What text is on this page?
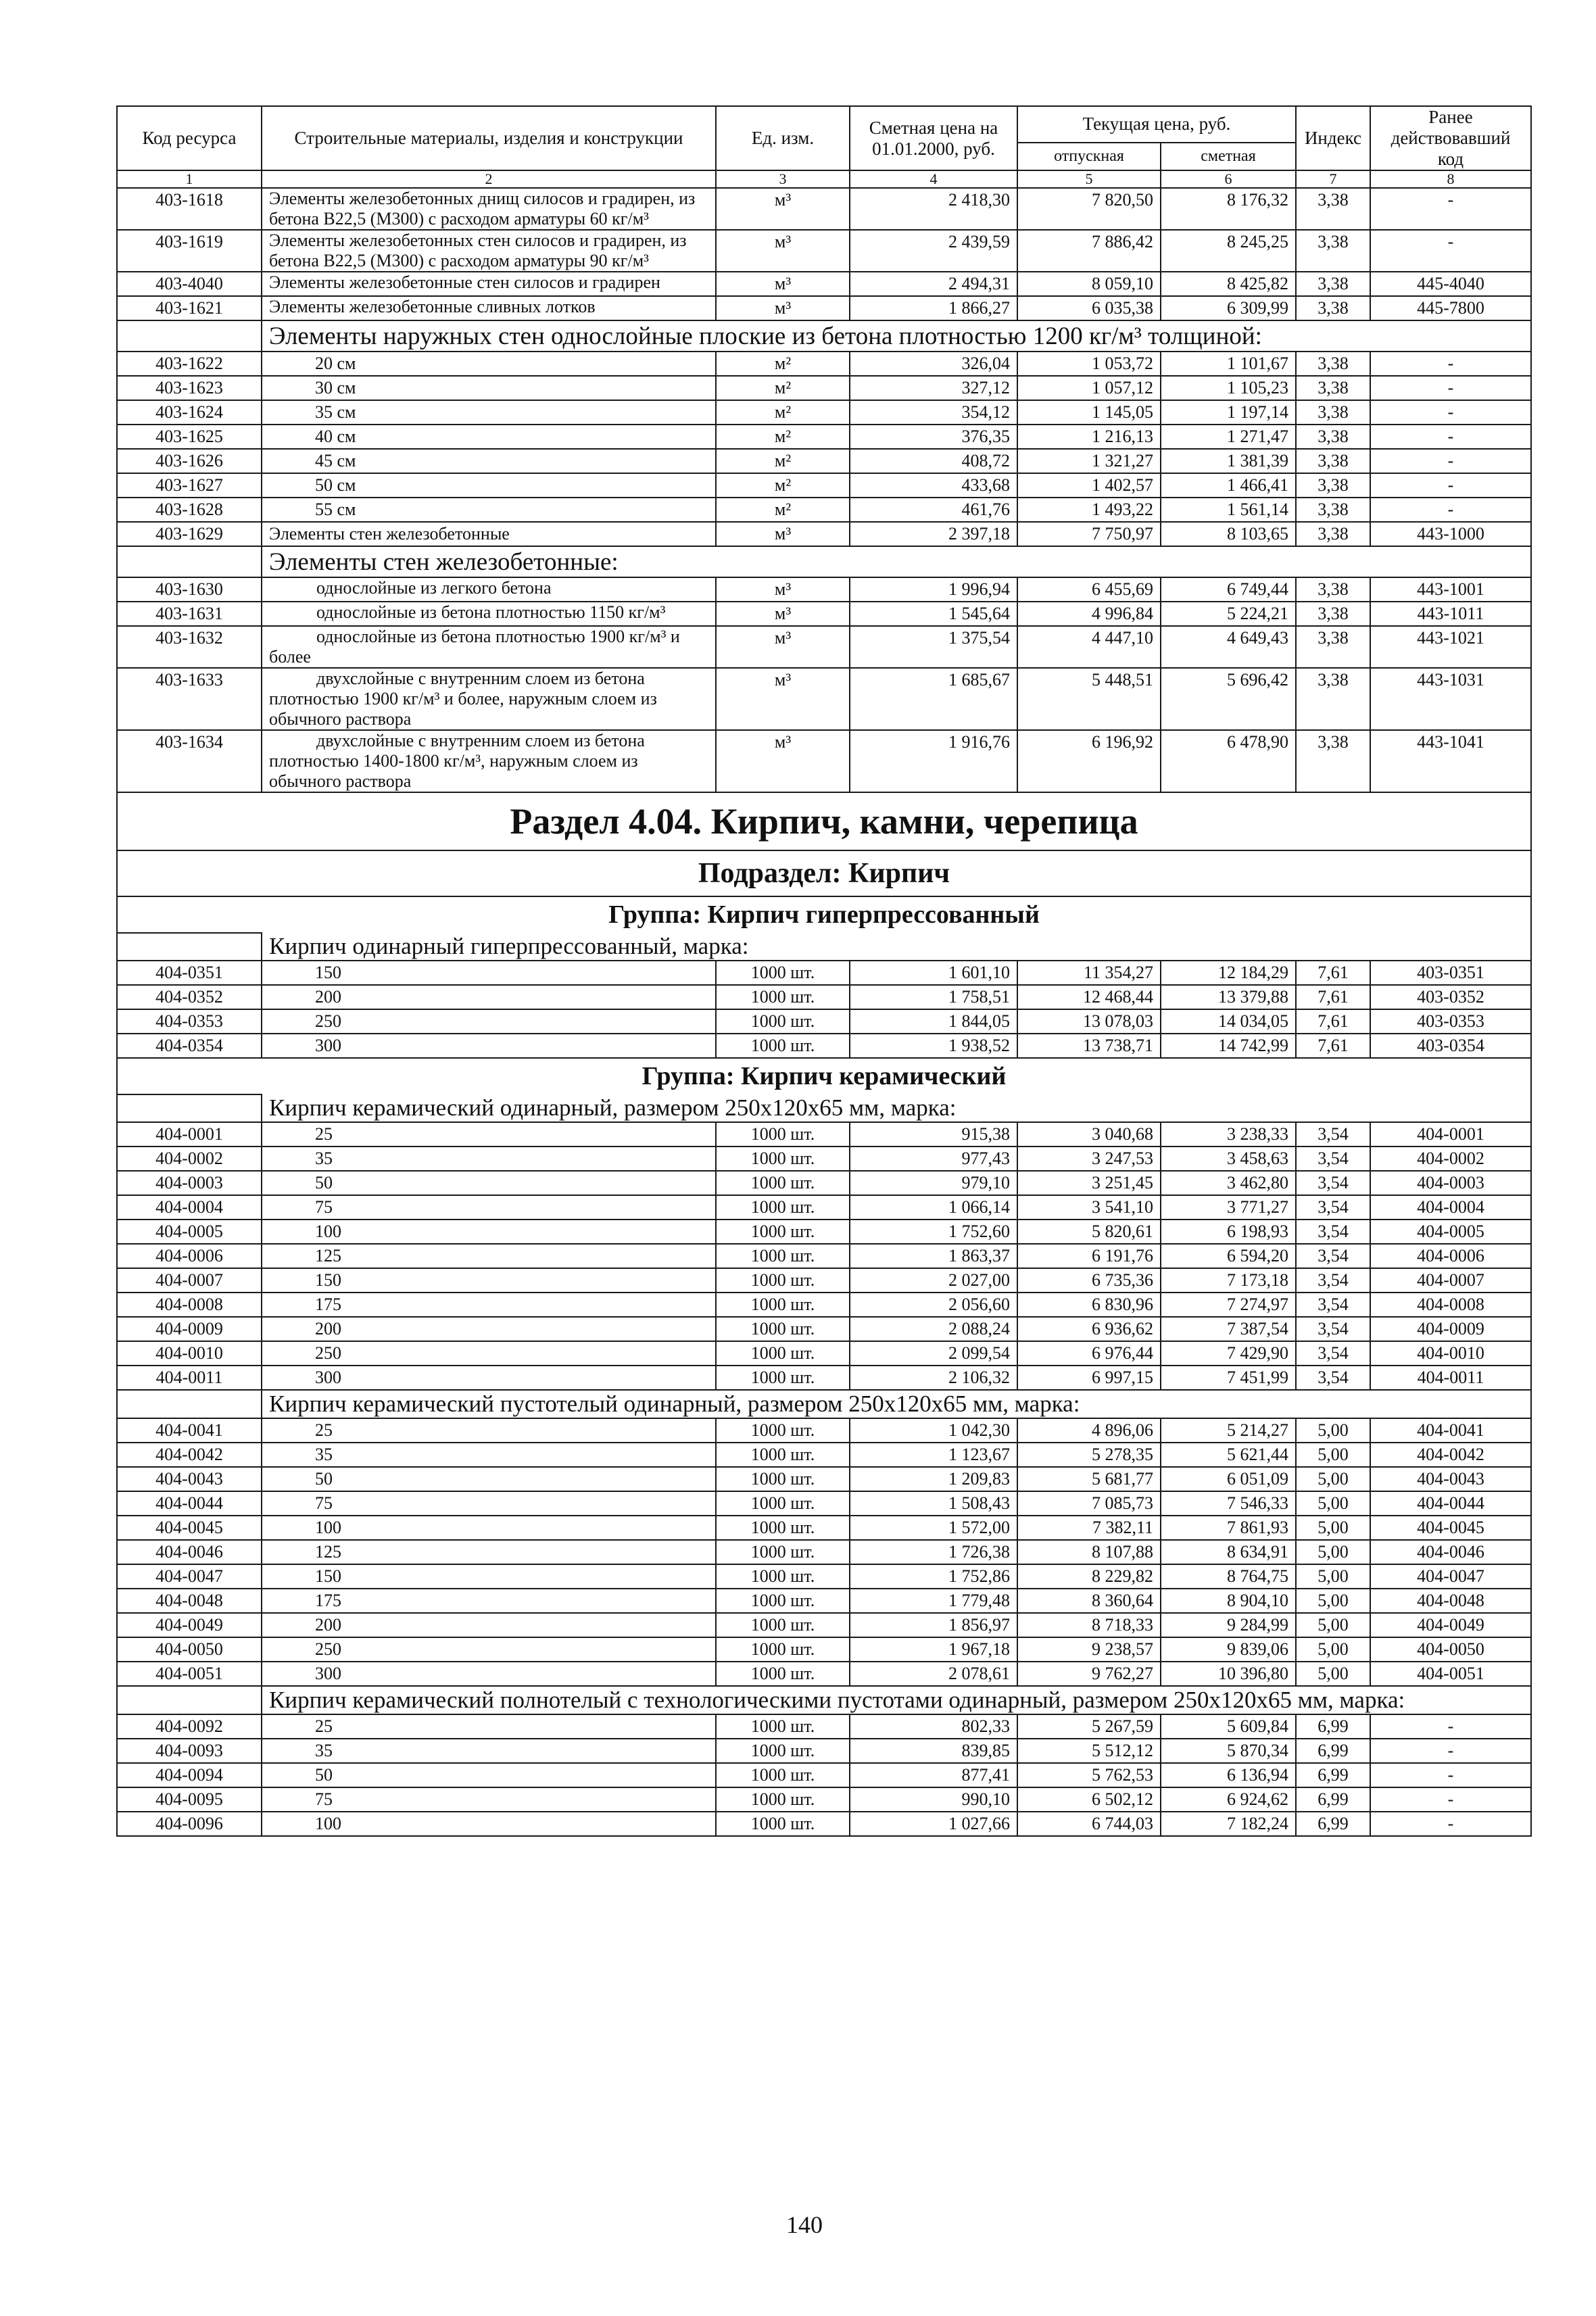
Код ресурса	Строительные материалы, изделия и конструкции	Ед. изм.	Сметная цена на 01.01.2000, руб.	Текущая цена, руб.		Индекс	Ранее действовавший код
				отпускная	сметная		
1	2	3	4	5	6	7	8
403-1618	Элементы железобетонных днищ силосов и градирен, из бетона В22,5 (М300) с расходом арматуры 60 кг/м³	м³	2 418,30	7 820,50	8 176,32	3,38	-
403-1619	Элементы железобетонных стен силосов и градирен, из бетона В22,5 (М300) с расходом арматуры 90 кг/м³	м³	2 439,59	7 886,42	8 245,25	3,38	-
403-4040	Элементы железобетонные стен силосов и градирен	м³	2 494,31	8 059,10	8 425,82	3,38	445-4040
403-1621	Элементы железобетонные сливных лотков	м³	1 866,27	6 035,38	6 309,99	3,38	445-7800
	Элементы наружных стен однослойные плоские из бетона плотностью 1200 кг/м³ толщиной:						
403-1622	20 см	м²	326,04	1 053,72	1 101,67	3,38	-
403-1623	30 см	м²	327,12	1 057,12	1 105,23	3,38	-
403-1624	35 см	м²	354,12	1 145,05	1 197,14	3,38	-
403-1625	40 см	м²	376,35	1 216,13	1 271,47	3,38	-
403-1626	45 см	м²	408,72	1 321,27	1 381,39	3,38	-
403-1627	50 см	м²	433,68	1 402,57	1 466,41	3,38	-
403-1628	55 см	м²	461,76	1 493,22	1 561,14	3,38	-
403-1629	Элементы стен железобетонные	м³	2 397,18	7 750,97	8 103,65	3,38	443-1000
	Элементы стен железобетонные:						
403-1630	однослойные из легкого бетона	м³	1 996,94	6 455,69	6 749,44	3,38	443-1001
403-1631	однослойные из бетона плотностью 1150 кг/м³	м³	1 545,64	4 996,84	5 224,21	3,38	443-1011
403-1632	однослойные из бетона плотностью 1900 кг/м³ и более	м³	1 375,54	4 447,10	4 649,43	3,38	443-1021
403-1633	двухслойные с внутренним слоем из бетона плотностью 1900 кг/м³ и более, наружным слоем из обычного раствора	м³	1 685,67	5 448,51	5 696,42	3,38	443-1031
403-1634	двухслойные с внутренним слоем из бетона плотностью 1400-1800 кг/м³, наружным слоем из обычного раствора	м³	1 916,76	6 196,92	6 478,90	3,38	443-1041
Раздел 4.04. Кирпич, камни, черепица							
Подраздел: Кирпич							
Группа: Кирпич гиперпрессованный							
	Кирпич одинарный гиперпрессованный, марка:						
404-0351	150	1000 шт.	1 601,10	11 354,27	12 184,29	7,61	403-0351
404-0352	200	1000 шт.	1 758,51	12 468,44	13 379,88	7,61	403-0352
404-0353	250	1000 шт.	1 844,05	13 078,03	14 034,05	7,61	403-0353
404-0354	300	1000 шт.	1 938,52	13 738,71	14 742,99	7,61	403-0354
Группа: Кирпич керамический							
	Кирпич керамический одинарный, размером 250х120х65 мм, марка:						
404-0001	25	1000 шт.	915,38	3 040,68	3 238,33	3,54	404-0001
404-0002	35	1000 шт.	977,43	3 247,53	3 458,63	3,54	404-0002
404-0003	50	1000 шт.	979,10	3 251,45	3 462,80	3,54	404-0003
404-0004	75	1000 шт.	1 066,14	3 541,10	3 771,27	3,54	404-0004
404-0005	100	1000 шт.	1 752,60	5 820,61	6 198,93	3,54	404-0005
404-0006	125	1000 шт.	1 863,37	6 191,76	6 594,20	3,54	404-0006
404-0007	150	1000 шт.	2 027,00	6 735,36	7 173,18	3,54	404-0007
404-0008	175	1000 шт.	2 056,60	6 830,96	7 274,97	3,54	404-0008
404-0009	200	1000 шт.	2 088,24	6 936,62	7 387,54	3,54	404-0009
404-0010	250	1000 шт.	2 099,54	6 976,44	7 429,90	3,54	404-0010
404-0011	300	1000 шт.	2 106,32	6 997,15	7 451,99	3,54	404-0011
	Кирпич керамический пустотелый одинарный, размером 250х120х65 мм, марка:						
404-0041	25	1000 шт.	1 042,30	4 896,06	5 214,27	5,00	404-0041
404-0042	35	1000 шт.	1 123,67	5 278,35	5 621,44	5,00	404-0042
404-0043	50	1000 шт.	1 209,83	5 681,77	6 051,09	5,00	404-0043
404-0044	75	1000 шт.	1 508,43	7 085,73	7 546,33	5,00	404-0044
404-0045	100	1000 шт.	1 572,00	7 382,11	7 861,93	5,00	404-0045
404-0046	125	1000 шт.	1 726,38	8 107,88	8 634,91	5,00	404-0046
404-0047	150	1000 шт.	1 752,86	8 229,82	8 764,75	5,00	404-0047
404-0048	175	1000 шт.	1 779,48	8 360,64	8 904,10	5,00	404-0048
404-0049	200	1000 шт.	1 856,97	8 718,33	9 284,99	5,00	404-0049
404-0050	250	1000 шт.	1 967,18	9 238,57	9 839,06	5,00	404-0050
404-0051	300	1000 шт.	2 078,61	9 762,27	10 396,80	5,00	404-0051
	Кирпич керамический полнотелый с технологическими пустотами одинарный, размером 250х120х65 мм, марка:						
404-0092	25	1000 шт.	802,33	5 267,59	5 609,84	6,99	-
404-0093	35	1000 шт.	839,85	5 512,12	5 870,34	6,99	-
404-0094	50	1000 шт.	877,41	5 762,53	6 136,94	6,99	-
404-0095	75	1000 шт.	990,10	6 502,12	6 924,62	6,99	-
404-0096	100	1000 шт.	1 027,66	6 744,03	7 182,24	6,99	-
140
